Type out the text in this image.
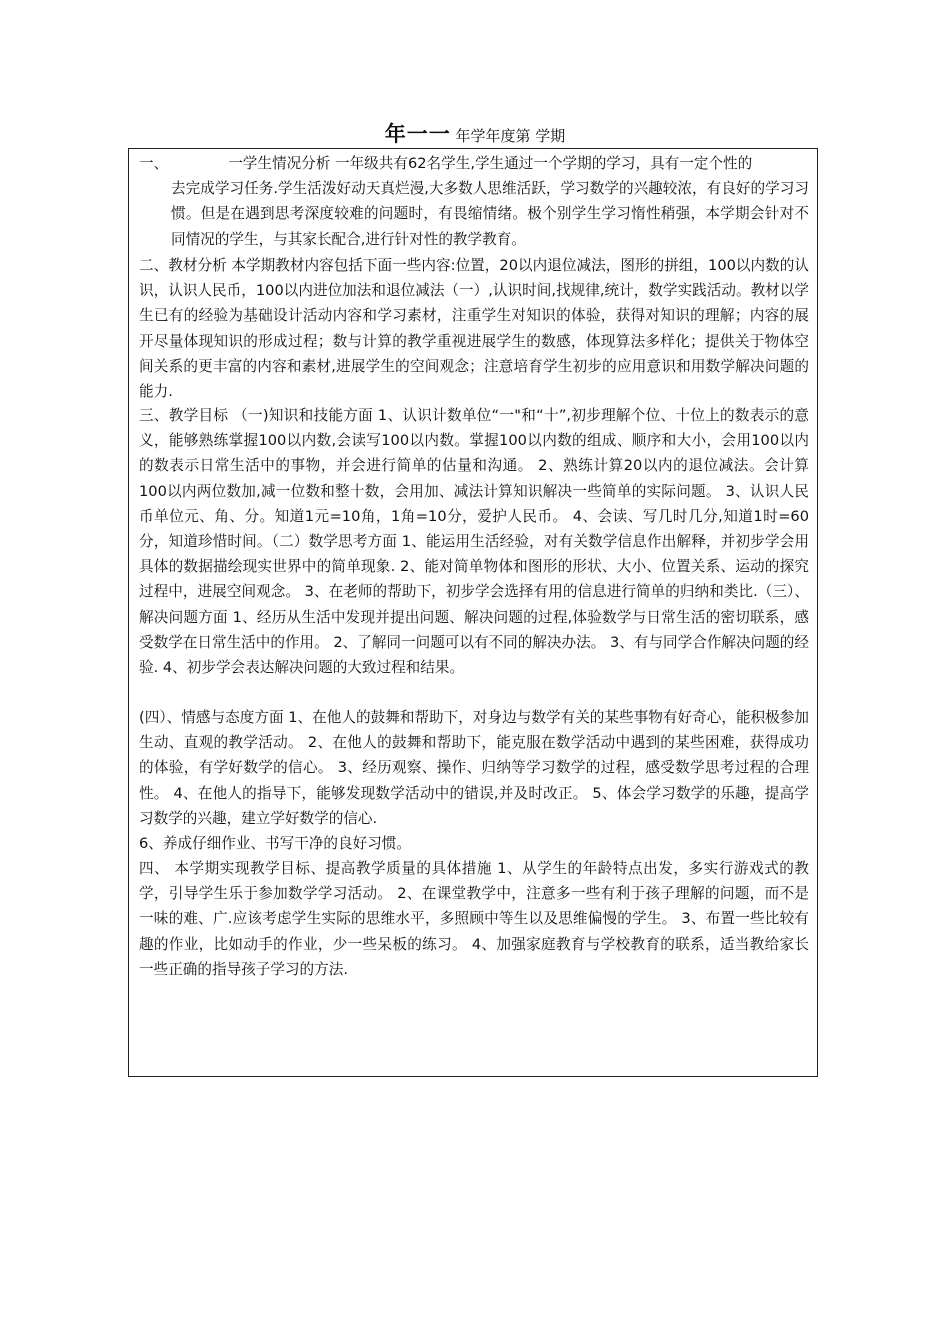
年一一 年学年度第 学期
一、	一学生情况分析 一年级共有62名学生,学生通过一个学期的学习，具有一定个性的
去完成学习任务.学生活泼好动天真烂漫,大多数人思维活跃，学习数学的兴趣较浓，有良好的学习习惯。但是在遇到思考深度较难的问题时，有畏缩情绪。极个别学生学习惰性稍强，本学期会针对不同情况的学生，与其家长配合,进行针对性的教学教育。

二、教材分析 本学期教材内容包括下面一些内容:位置，20以内退位减法，图形的拼组，100以内数的认识，认识人民币，100以内进位加法和退位减法（一）,认识时间,找规律,统计，数学实践活动。教材以学生已有的经验为基础设计活动内容和学习素材，注重学生对知识的体验，获得对知识的理解；内容的展开尽量体现知识的形成过程；数与计算的教学重视进展学生的数感，体现算法多样化；提供关于物体空间关系的更丰富的内容和素材,进展学生的空间观念；注意培育学生初步的应用意识和用数学解决问题的能力.

三、教学目标 （一)知识和技能方面 1、认识计数单位“一"和“十”,初步理解个位、十位上的数表示的意义，能够熟练掌握100以内数,会读写100以内数。掌握100以内数的组成、顺序和大小，会用100以内的数表示日常生活中的事物，并会进行简单的估量和沟通。 2、熟练计算20以内的退位减法。会计算100以内两位数加,减一位数和整十数，会用加、减法计算知识解决一些简单的实际问题。 3、认识人民币单位元、角、分。知道1元=10角，1角=10分，爱护人民币。 4、会读、写几时几分,知道1时=60分，知道珍惜时间。（二）数学思考方面 1、能运用生活经验，对有关数学信息作出解释，并初步学会用具体的数据描绘现实世界中的简单现象. 2、能对简单物体和图形的形状、大小、位置关系、运动的探究过程中，进展空间观念。 3、在老师的帮助下，初步学会选择有用的信息进行简单的归纳和类比.（三）、解决问题方面 1、经历从生活中发现并提出问题、解决问题的过程,体验数学与日常生活的密切联系，感受数学在日常生活中的作用。 2、了解同一问题可以有不同的解决办法。 3、有与同学合作解决问题的经验. 4、初步学会表达解决问题的大致过程和结果。

(四）、情感与态度方面 1、在他人的鼓舞和帮助下，对身边与数学有关的某些事物有好奇心，能积极参加生动、直观的教学活动。 2、在他人的鼓舞和帮助下，能克服在数学活动中遇到的某些困难，获得成功的体验，有学好数学的信心。 3、经历观察、操作、归纳等学习数学的过程，感受数学思考过程的合理性。 4、在他人的指导下，能够发现数学活动中的错误,并及时改正。 5、体会学习数学的乐趣，提高学习数学的兴趣，建立学好数学的信心.

6、养成仔细作业、书写干净的良好习惯。

四、 本学期实现教学目标、提高教学质量的具体措施 1、从学生的年龄特点出发，多实行游戏式的教学，引导学生乐于参加数学学习活动。 2、在课堂教学中，注意多一些有利于孩子理解的问题，而不是一味的难、广.应该考虑学生实际的思维水平，多照顾中等生以及思维偏慢的学生。 3、布置一些比较有趣的作业，比如动手的作业，少一些呆板的练习。 4、加强家庭教育与学校教育的联系，适当教给家长一些正确的指导孩子学习的方法.
